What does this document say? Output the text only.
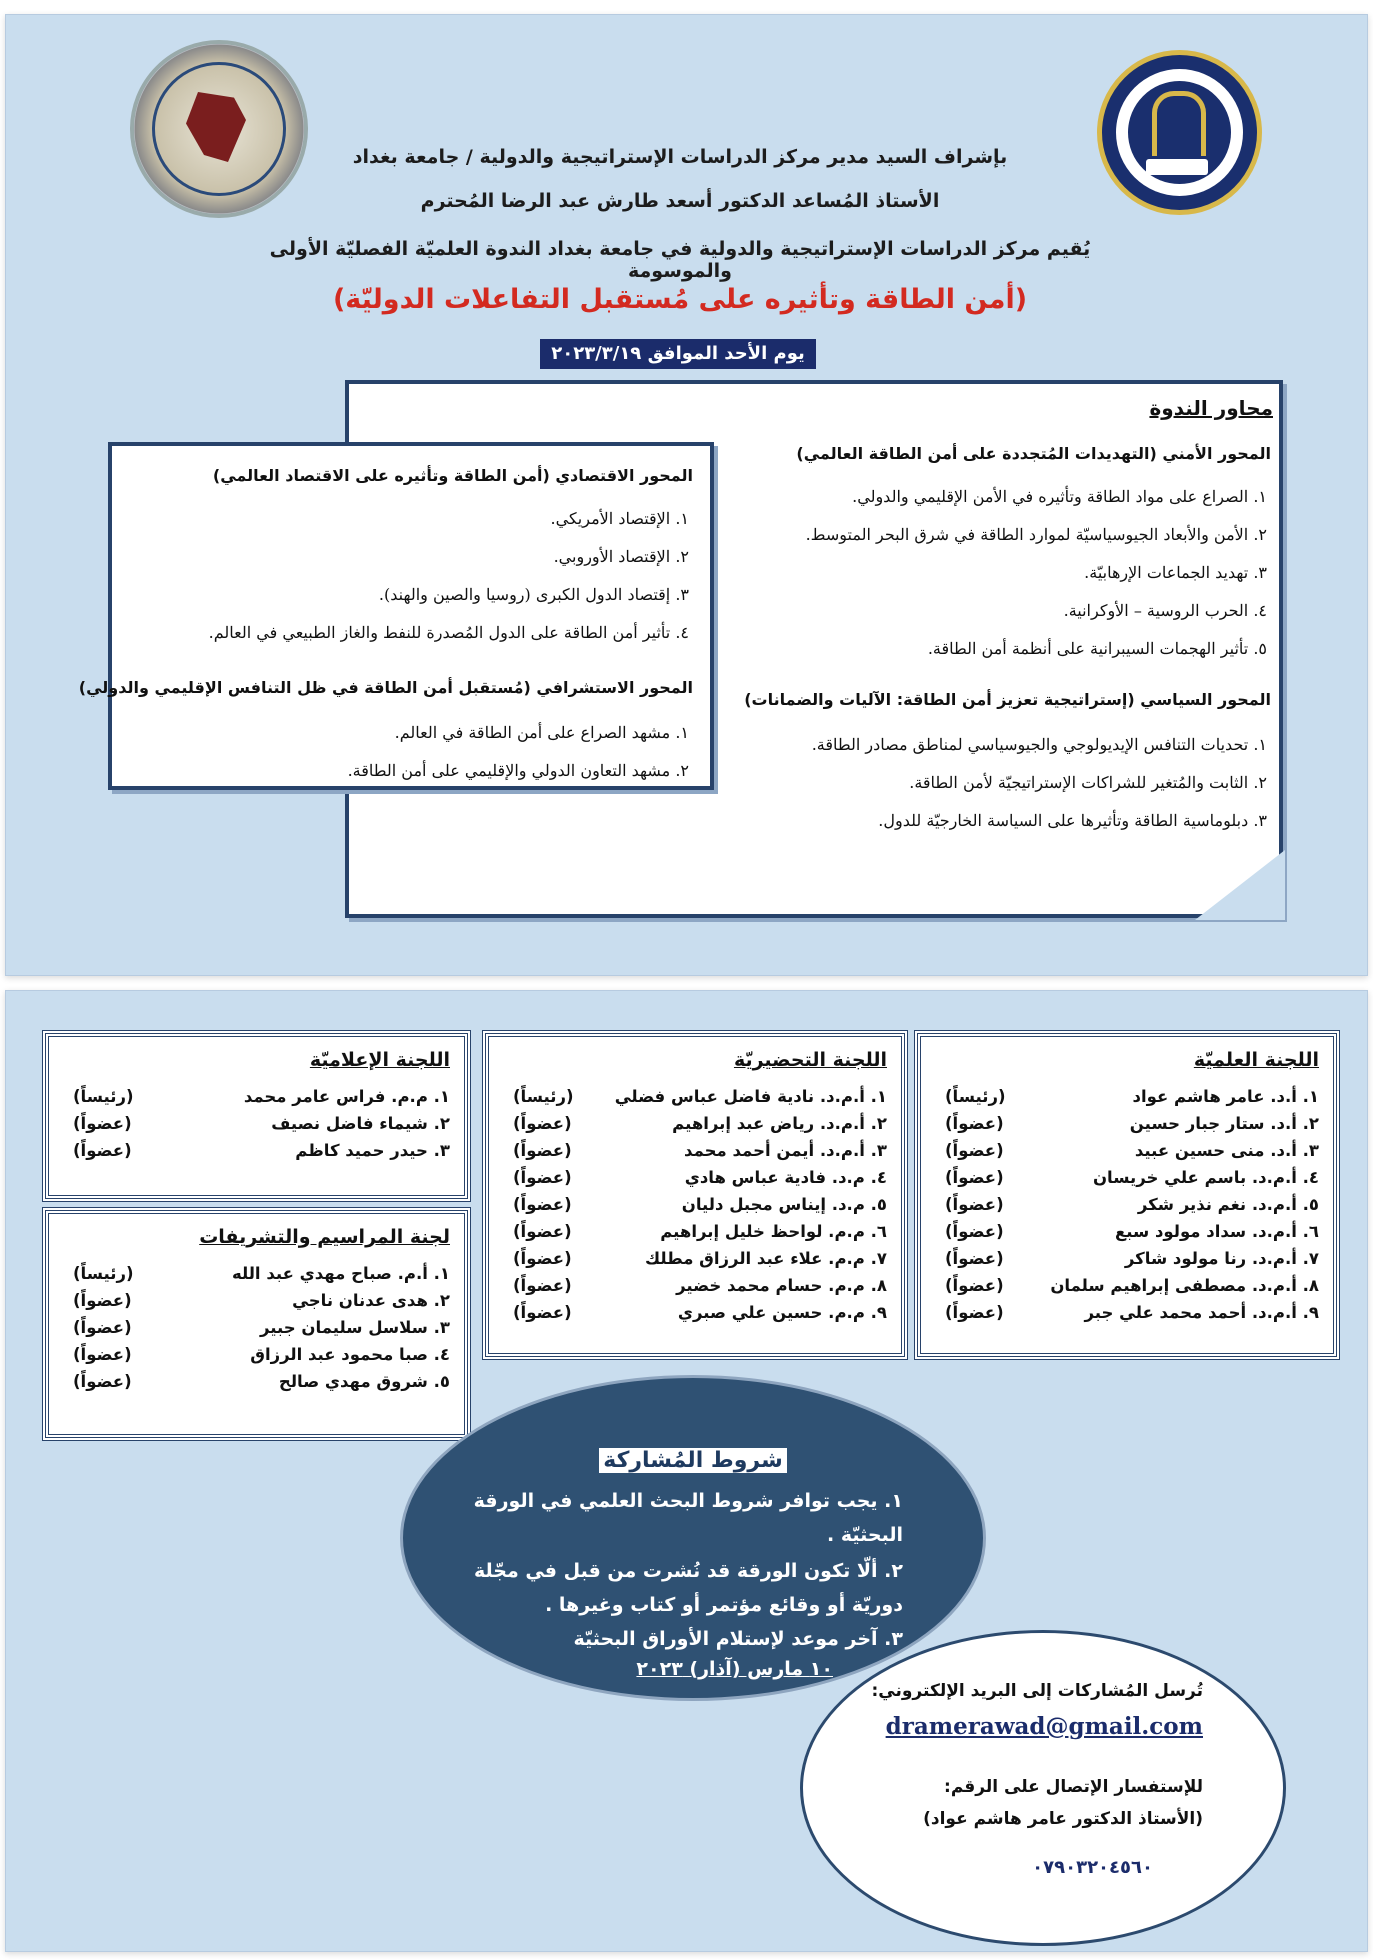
بإشراف السيد مدير مركز الدراسات الإستراتيجية والدولية / جامعة بغداد
الأستاذ المُساعد الدكتور أسعد طارش عبد الرضا المُحترم
يُقيم مركز الدراسات الإستراتيجية والدولية في جامعة بغداد الندوة العلميّة الفصليّة الأولى والموسومة
(أمن الطاقة وتأثيره على مُستقبل التفاعلات الدوليّة)
يوم الأحد الموافق ٢٠٢٣/٣/١٩
محاور الندوة
المحور الأمني (التهديدات المُتجددة على أمن الطاقة العالمي)
١. الصراع على مواد الطاقة وتأثيره في الأمن الإقليمي والدولي.
٢. الأمن والأبعاد الجيوسياسيّة لموارد الطاقة في شرق البحر المتوسط.
٣. تهديد الجماعات الإرهابيّة.
٤. الحرب الروسية – الأوكرانية.
٥. تأثير الهجمات السيبرانية على أنظمة أمن الطاقة.
المحور السياسي (إستراتيجية تعزيز أمن الطاقة: الآليات والضمانات)
١. تحديات التنافس الإيديولوجي والجيوسياسي لمناطق مصادر الطاقة.
٢. الثابت والمُتغير للشراكات الإستراتيجيّة لأمن الطاقة.
٣. دبلوماسية الطاقة وتأثيرها على السياسة الخارجيّة للدول.
المحور الاقتصادي (أمن الطاقة وتأثيره على الاقتصاد العالمي)
١. الإقتصاد الأمريكي.
٢. الإقتصاد الأوروبي.
٣. إقتصاد الدول الكبرى (روسيا والصين والهند).
٤. تأثير أمن الطاقة على الدول المُصدرة للنفط والغاز الطبيعي في العالم.
المحور الاستشرافي (مُستقبل أمن الطاقة في ظل التنافس الإقليمي والدولي)
١. مشهد الصراع على أمن الطاقة في العالم.
٢. مشهد التعاون الدولي والإقليمي على أمن الطاقة.
اللجنة العلميّة
١. أ.د. عامر هاشم عواد
(رئيساً)
٢. أ.د. ستار جبار حسين
(عضواً)
٣. أ.د. منى حسين عبيد
(عضواً)
٤. أ.م.د. باسم علي خريسان
(عضواً)
٥. أ.م.د. نغم نذير شكر
(عضواً)
٦. أ.م.د. سداد مولود سبع
(عضواً)
٧. أ.م.د. رنا مولود شاكر
(عضواً)
٨. أ.م.د. مصطفى إبراهيم سلمان
(عضواً)
٩. أ.م.د. أحمد محمد علي جبر
(عضواً)
اللجنة التحضيريّة
١. أ.م.د. نادية فاضل عباس فضلي
(رئيساً)
٢. أ.م.د. رياض عبد إبراهيم
(عضواً)
٣. أ.م.د. أيمن أحمد محمد
(عضواً)
٤. م.د. فادية عباس هادي
(عضواً)
٥. م.د. إيناس مجبل دليان
(عضواً)
٦. م.م. لواحظ خليل إبراهيم
(عضواً)
٧. م.م. علاء عبد الرزاق مطلك
(عضواً)
٨. م.م. حسام محمد خضير
(عضواً)
٩. م.م. حسين علي صبري
(عضواً)
اللجنة الإعلاميّة
١. م.م. فراس عامر محمد
(رئيساً)
٢. شيماء فاضل نصيف
(عضواً)
٣. حيدر حميد كاظم
(عضواً)
لجنة المراسيم والتشريفات
١. أ.م. صباح مهدي عبد الله
(رئيساً)
٢. هدى عدنان ناجي
(عضواً)
٣. سلاسل سليمان جبير
(عضواً)
٤. صبا محمود عبد الرزاق
(عضواً)
٥. شروق مهدي صالح
(عضواً)
شروط المُشاركة
١. يجب توافر شروط البحث العلمي في الورقة
البحثيّة .
٢. ألّا تكون الورقة قد نُشرت من قبل في مجّلة
دوريّة أو وقائع مؤتمر أو كتاب وغيرها .
٣. آخر موعد لإستلام الأوراق البحثيّة
١٠ مارس (آذار) ٢٠٢٣
تُرسل المُشاركات إلى البريد الإلكتروني:
dramerawad@gmail.com
للإستفسار الإتصال على الرقم:
(الأستاذ الدكتور عامر هاشم عواد)
٠٧٩٠٣٢٠٤٥٦٠
